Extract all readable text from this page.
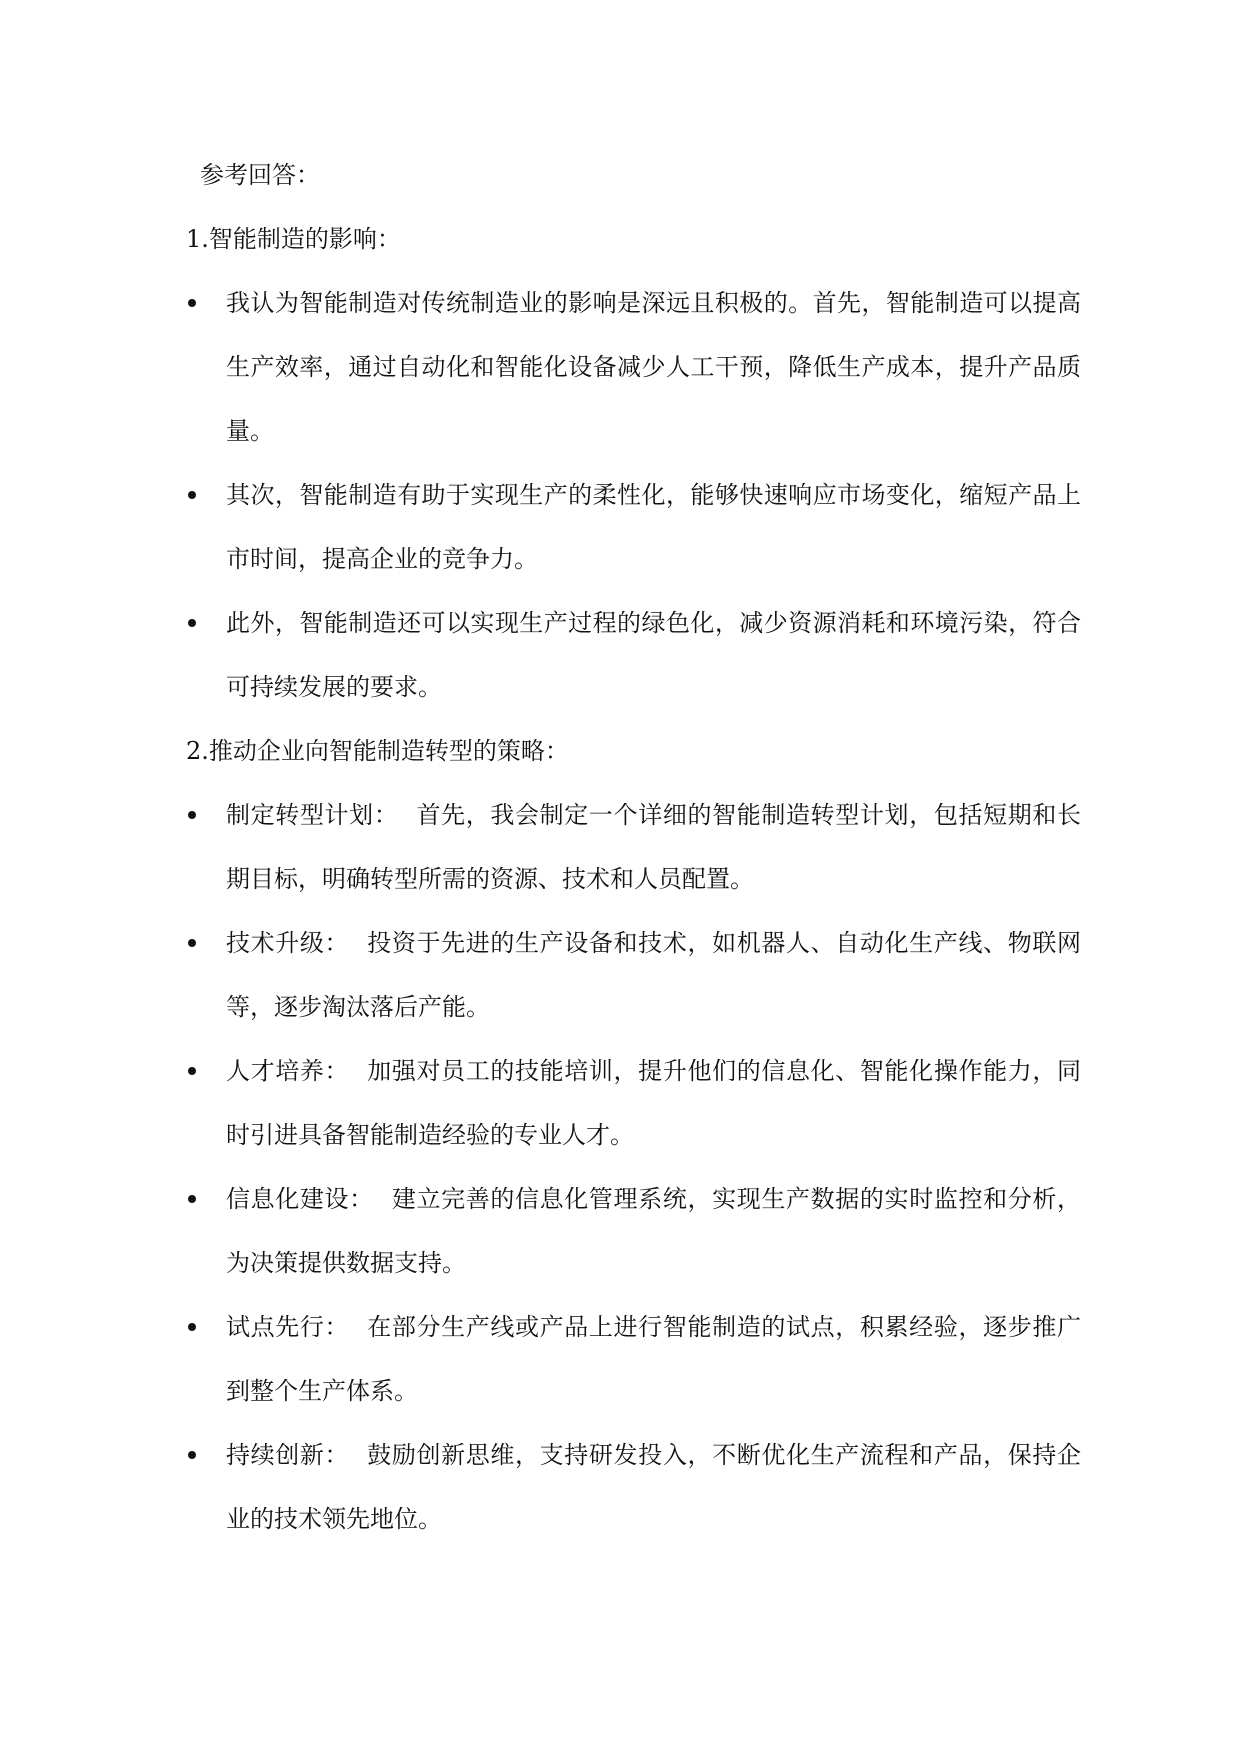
参考回答：

1.智能制造的影响：

我认为智能制造对传统制造业的影响是深远且积极的。首先，智能制造可以提高生产效率，通过自动化和智能化设备减少人工干预，降低生产成本，提升产品质量。
其次，智能制造有助于实现生产的柔性化，能够快速响应市场变化，缩短产品上市时间，提高企业的竞争力。
此外，智能制造还可以实现生产过程的绿色化，减少资源消耗和环境污染，符合可持续发展的要求。

2.推动企业向智能制造转型的策略：

制定转型计划： 首先，我会制定一个详细的智能制造转型计划，包括短期和长期目标，明确转型所需的资源、技术和人员配置。
技术升级： 投资于先进的生产设备和技术，如机器人、自动化生产线、物联网等，逐步淘汰落后产能。
人才培养： 加强对员工的技能培训，提升他们的信息化、智能化操作能力，同时引进具备智能制造经验的专业人才。
信息化建设： 建立完善的信息化管理系统，实现生产数据的实时监控和分析，为决策提供数据支持。
试点先行： 在部分生产线或产品上进行智能制造的试点，积累经验，逐步推广到整个生产体系。
持续创新： 鼓励创新思维，支持研发投入，不断优化生产流程和产品，保持企业的技术领先地位。
